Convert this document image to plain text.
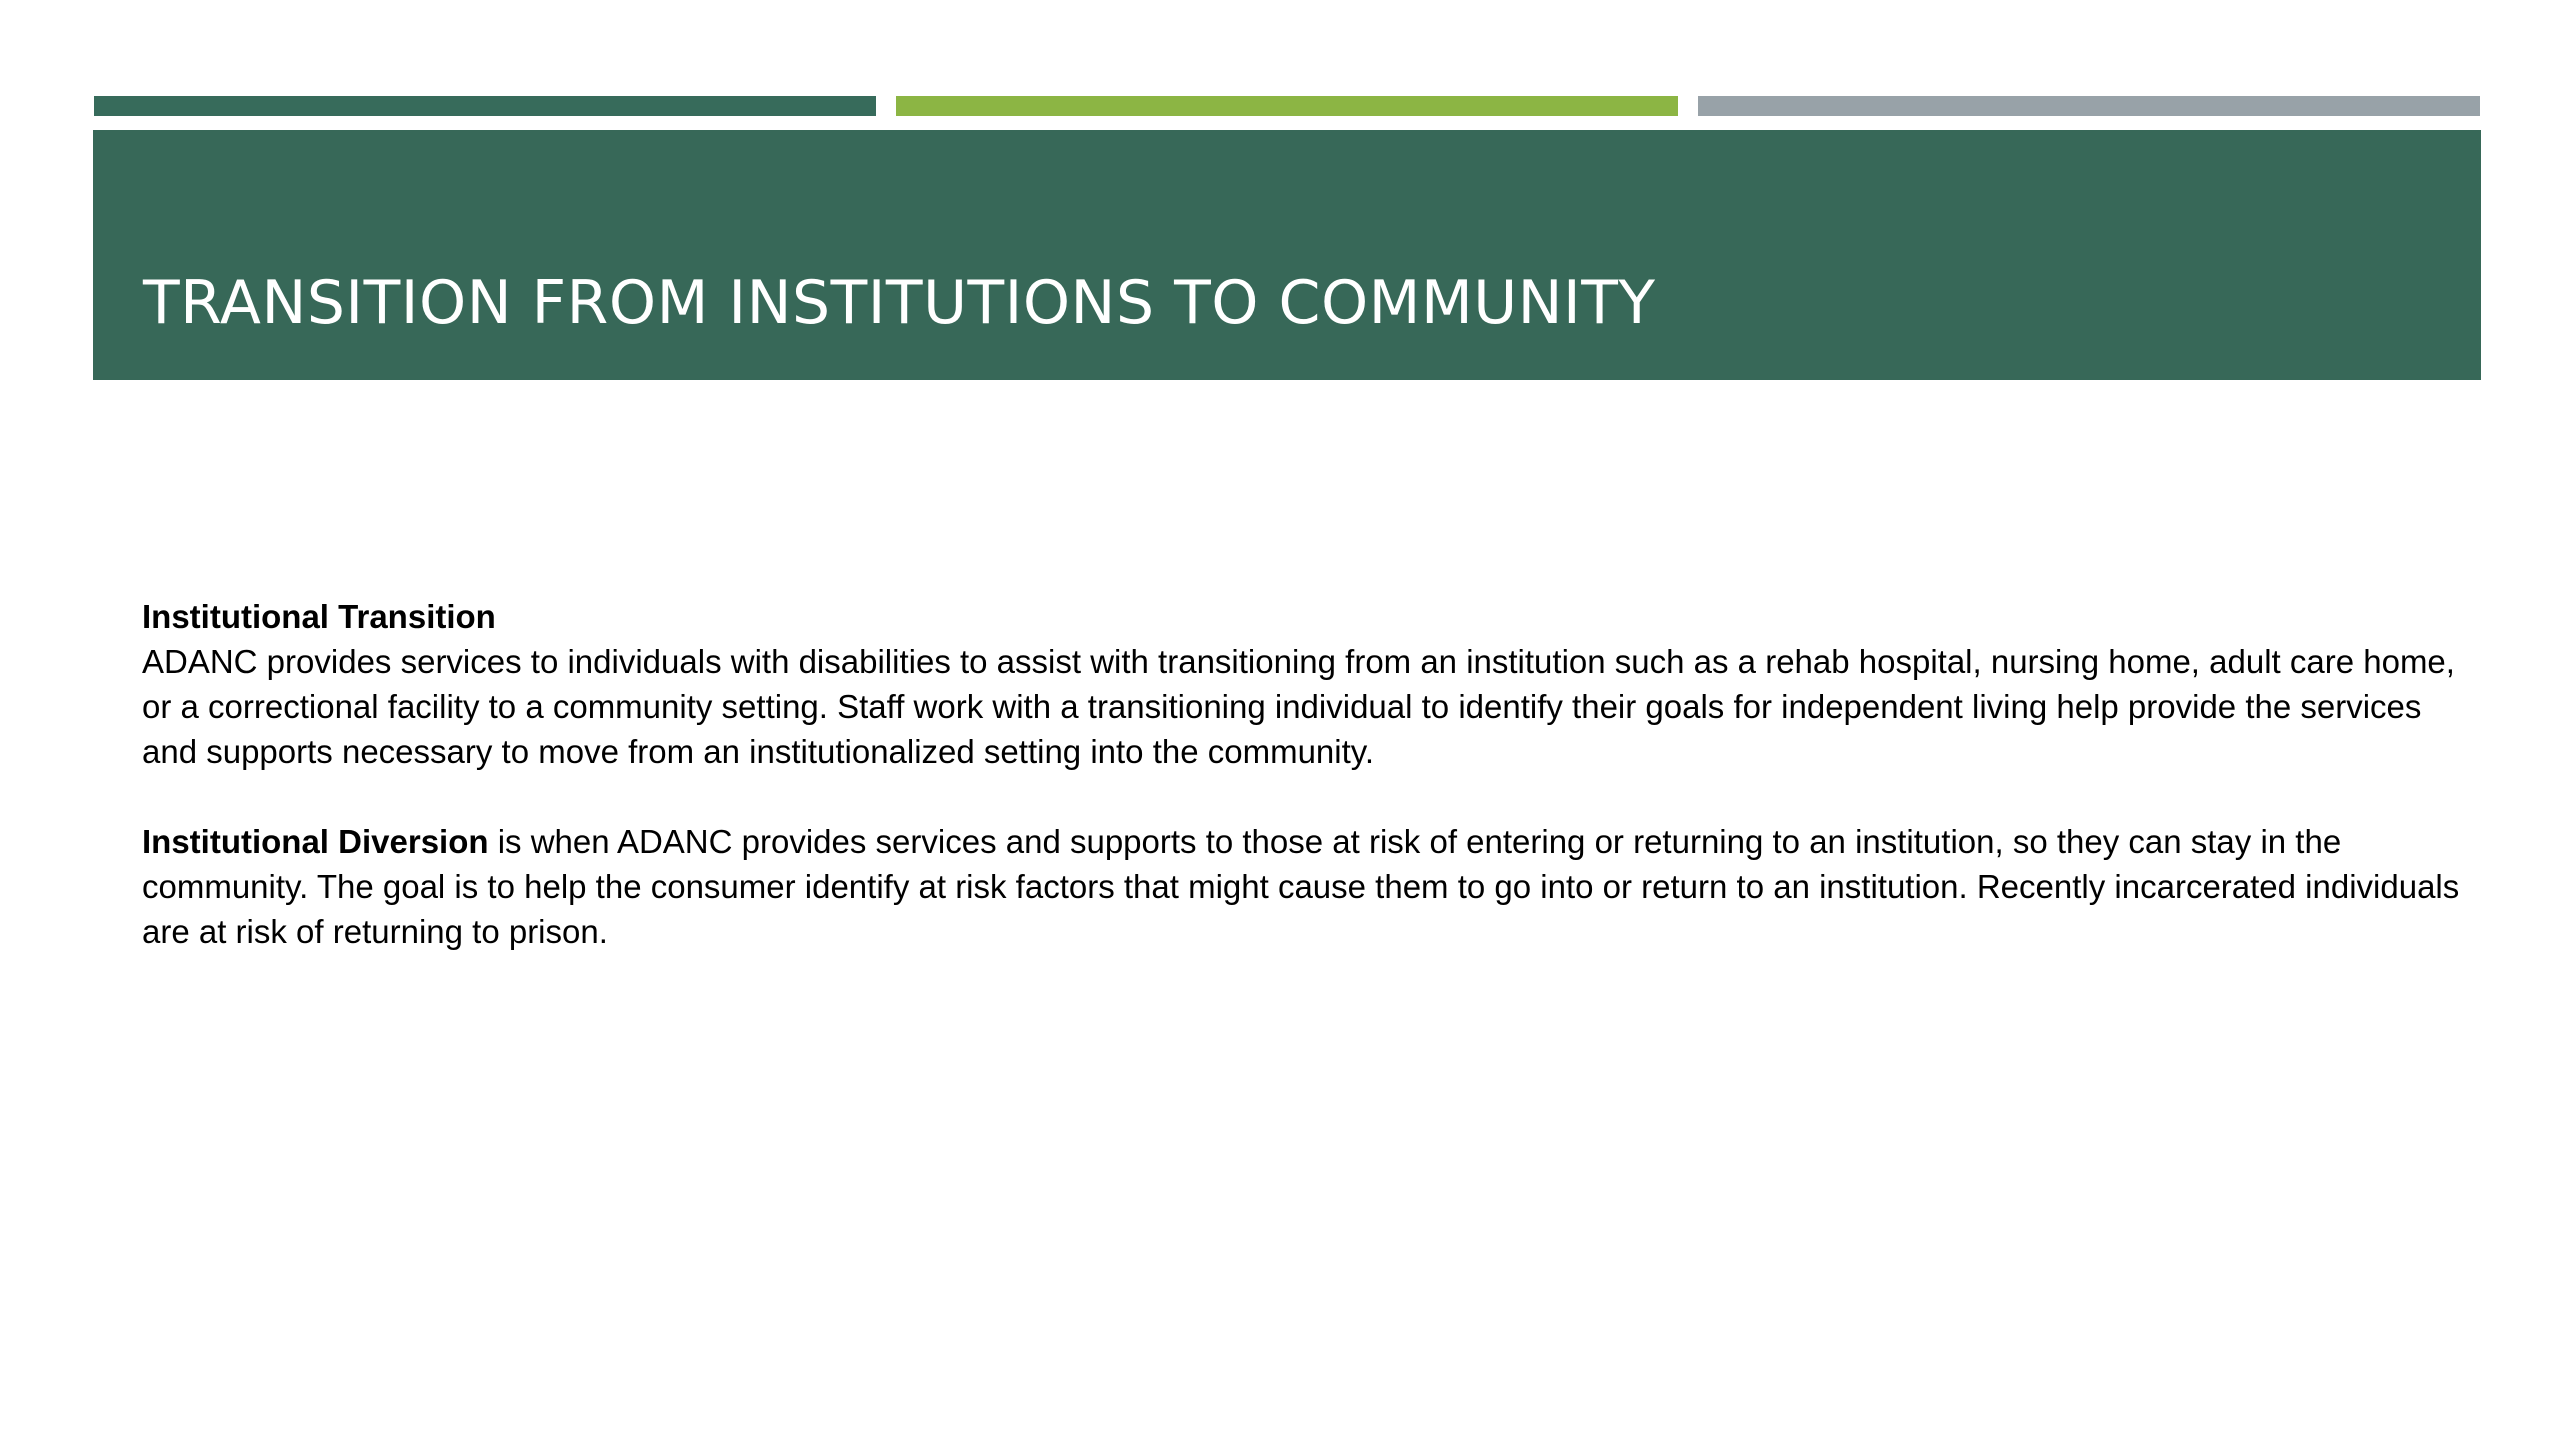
TRANSITION FROM INSTITUTIONS TO COMMUNITY

Institutional Transition

ADANC provides services to individuals with disabilities to assist with transitioning from an institution such as a rehab hospital, nursing home, adult care home, or a correctional facility to a community setting. Staff work with a transitioning individual to identify their goals for independent living help provide the services and supports necessary to move from an institutionalized setting into the community.

Institutional Diversion is when ADANC provides services and supports to those at risk of entering or returning to an institution, so they can stay in the community. The goal is to help the consumer identify at risk factors that might cause them to go into or return to an institution. Recently incarcerated individuals are at risk of returning to prison.
